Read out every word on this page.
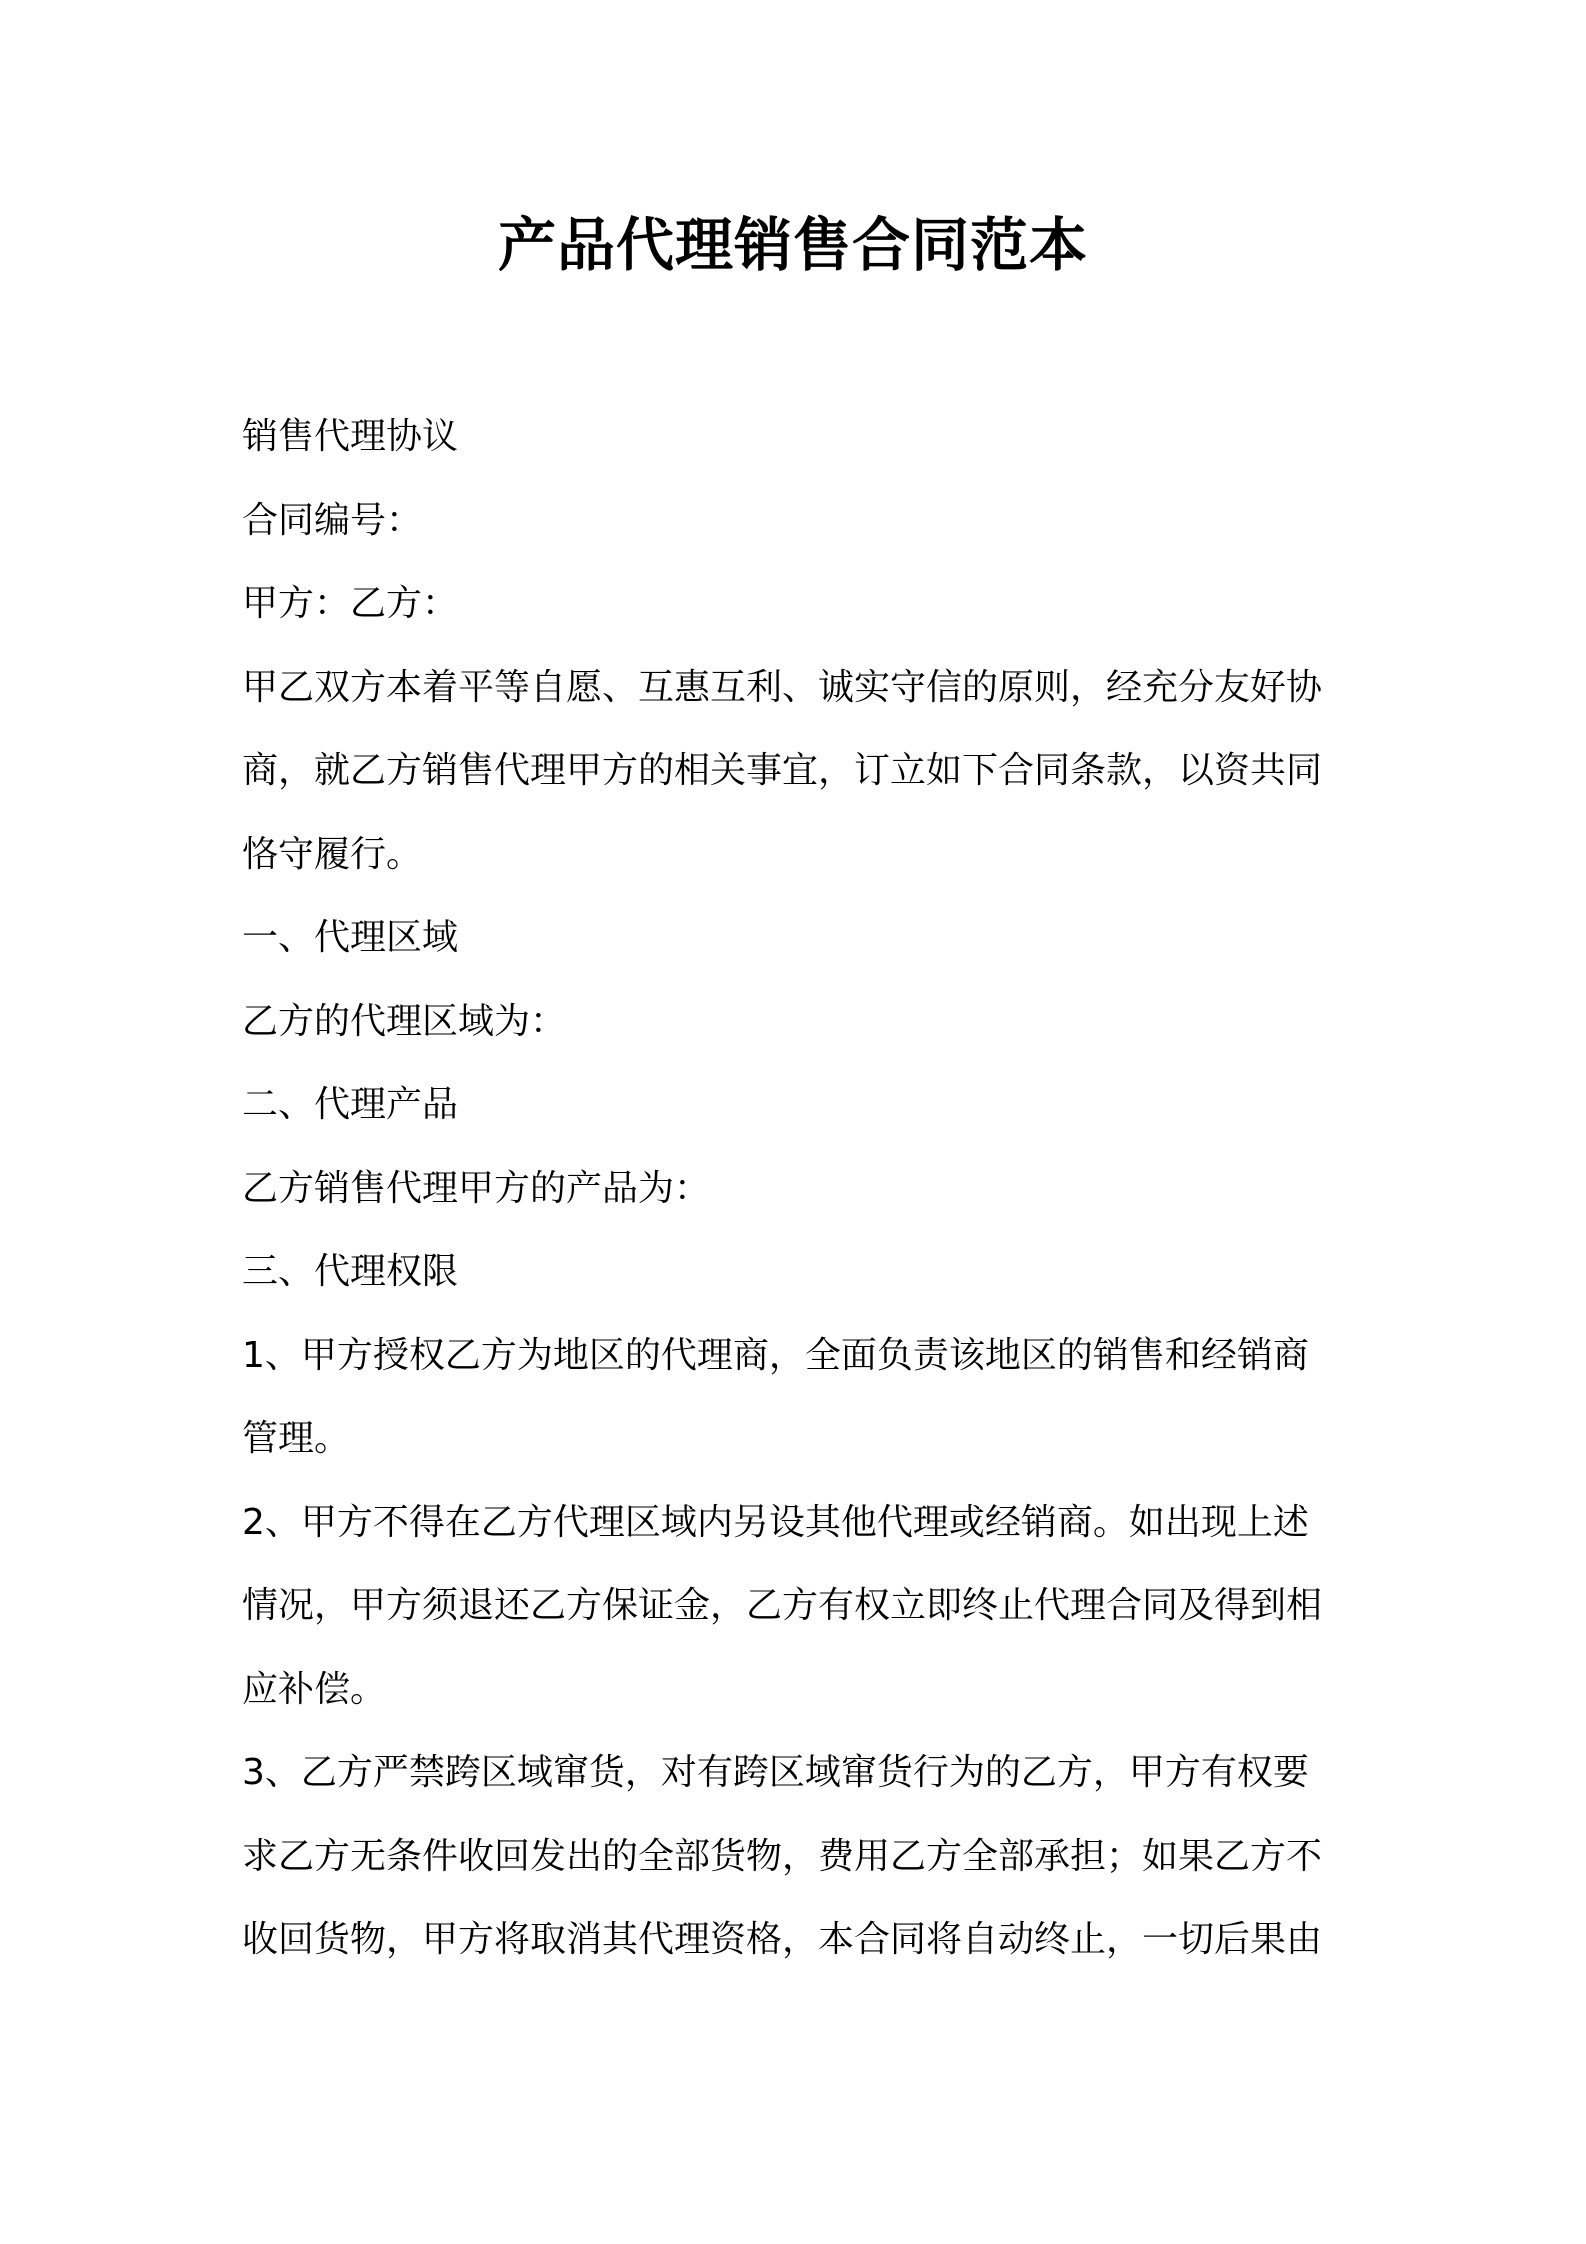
产品代理销售合同范本
销售代理协议
合同编号：
甲方：乙方：
甲乙双方本着平等自愿、互惠互利、诚实守信的原则，经充分友好协
商，就乙方销售代理甲方的相关事宜，订立如下合同条款，以资共同
恪守履行。
一、代理区域
乙方的代理区域为：
二、代理产品
乙方销售代理甲方的产品为：
三、代理权限
1、甲方授权乙方为地区的代理商，全面负责该地区的销售和经销商
管理。
2、甲方不得在乙方代理区域内另设其他代理或经销商。如出现上述
情况，甲方须退还乙方保证金，乙方有权立即终止代理合同及得到相
应补偿。
3、乙方严禁跨区域窜货，对有跨区域窜货行为的乙方，甲方有权要
求乙方无条件收回发出的全部货物，费用乙方全部承担；如果乙方不
收回货物，甲方将取消其代理资格，本合同将自动终止，一切后果由
